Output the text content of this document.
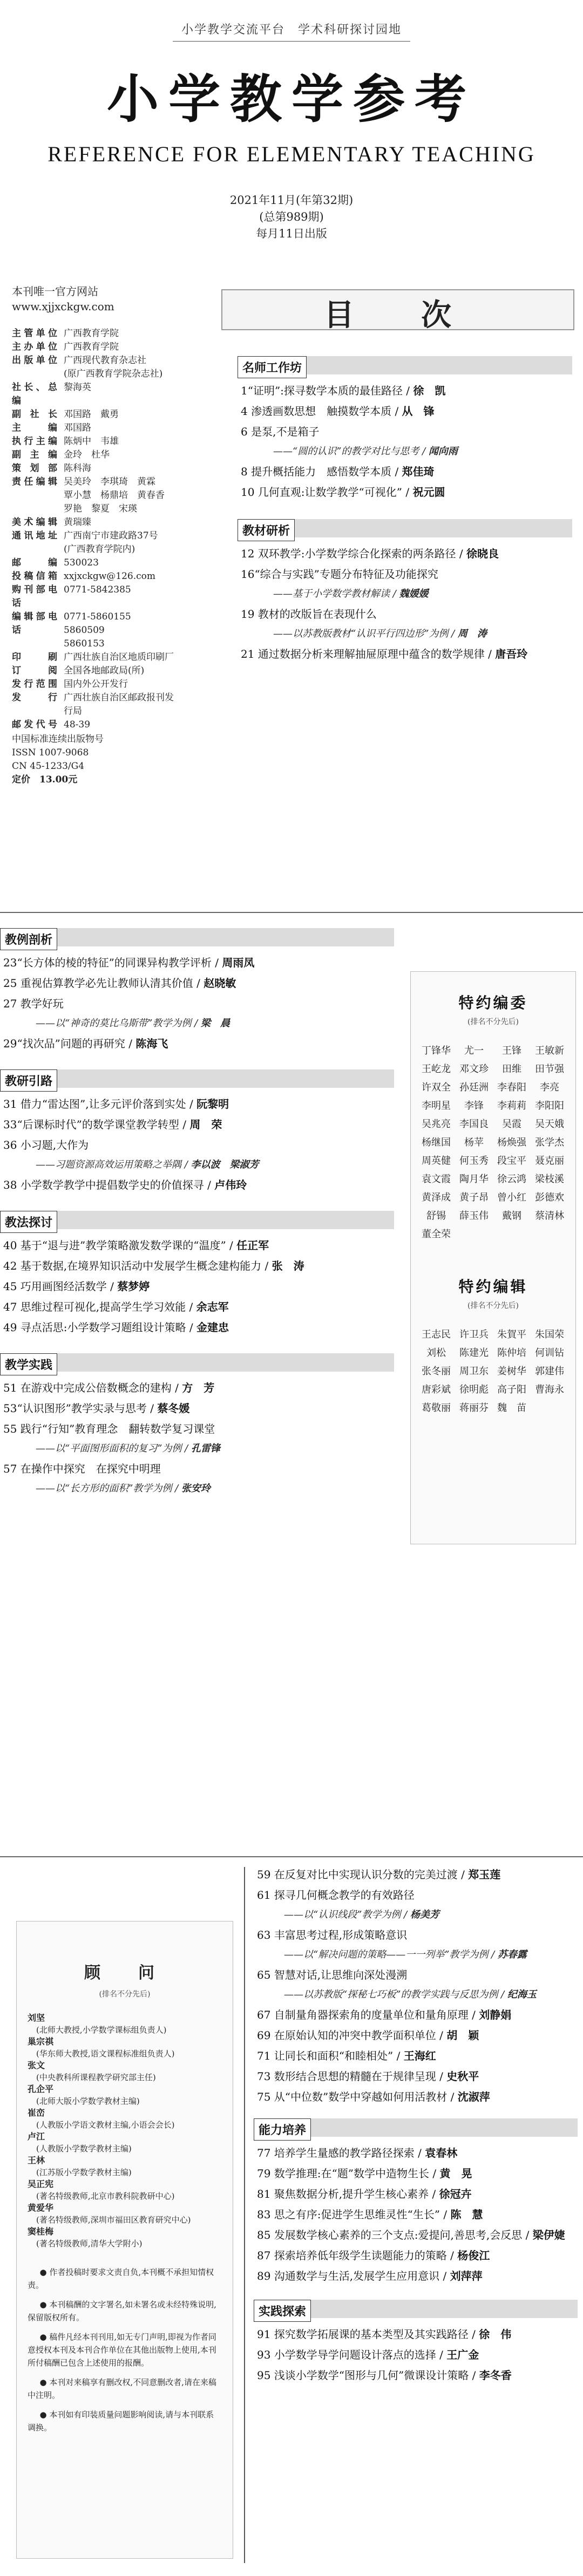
小学教学交流平台　学术科研探讨园地
小学教学参考
REFERENCE FOR ELEMENTARY TEACHING
2021年11月(年第32期)
(总第989期)
每月11日出版
本刊唯一官方网站
www.xjjxckgw.com
主管单位 广西教育学院
主办单位 广西教育学院
出版单位 广西现代教育杂志社
(原广西教育学院杂志社)
社长、总编
黎海英
副社长 邓国路　戴勇
主编 邓国路
执行主编 陈炳中　韦雄
副主编 金玲　杜华
策划部 陈科海
责任编辑 吴美玲　李琪琦　黄霖
覃小慧　杨鼎培　黄春香
罗艳　黎夏　宋瑛
美术编辑 黄瑞臻
通讯地址 广西南宁市建政路37号
(广西教育学院内)
邮编 530023
投稿信箱 xxjxckgw@126.com
购刊部电话
0771-5842385
编辑部电话
0771-5860155　5860509
5860153
印刷 广西壮族自治区地质印刷厂
订阅 全国各地邮政局(所)
发行范围 国内外公开发行
发行 广西壮族自治区邮政报刊发行局
邮发代号 48-39
中国标准连续出版物号
ISSN 1007-9068
CN 45-1233/G4
定价　13.00元
目　次
名师工作坊
1“证明”:探寻数学本质的最佳路径 / 徐　凯
4 渗透画数思想　触摸数学本质 / 从　锋
6 是泵,不是箱子
——“圆的认识”的教学对比与思考 / 闻向雨
8 提升概括能力　感悟数学本质 / 郑佳琦
10 几何直观:让数学教学“可视化” / 祝元圆
教材研析
12 双环教学:小学数学综合化探索的两条路径 / 徐晓良
16“综合与实践”专题分布特征及功能探究
——基于小学数学教材解读 / 魏媛媛
19 教材的改版旨在表现什么
——以苏教版教材“认识平行四边形”为例 / 周　涛
21 通过数据分析来理解抽屉原理中蕴含的数学规律 / 唐吾玲
教例剖析
23“长方体的棱的特征”的同课异构教学评析 / 周雨凤
25 重视估算教学必先让教师认清其价值 / 赵晓敏
27 教学好玩
——以“神奇的莫比乌斯带”教学为例 / 梁　晨
29“找次品”问题的再研究 / 陈海飞
教研引路
31 借力“雷达图”,让多元评价落到实处 / 阮黎明
33“后课标时代”的数学课堂教学转型 / 周　荣
36 小习题,大作为
——习题资源高效运用策略之举隅 / 李以波　梁淑芳
38 小学数学教学中提倡数学史的价值探寻 / 卢伟玲
教法探讨
40 基于“退与进”教学策略激发数学课的“温度” / 任正军
42 基于数据,在境界知识活动中发展学生概念建构能力 / 张　涛
45 巧用画图经活数学 / 蔡梦婷
47 思维过程可视化,提高学生学习效能 / 余志军
49 寻点活思:小学数学习题组设计策略 / 金建忠
教学实践
51 在游戏中完成公倍数概念的建构 / 方　芳
53“认识图形”教学实录与思考 / 蔡冬媛
55 践行“行知”教育理念　翻转数学复习课堂
——以“平面图形面积的复习”为例 / 孔雷锋
57 在操作中探究　在探究中明理
——以“长方形的面积”教学为例 / 张安玲
特约编委
(排名不分先后)
丁锋华 尤一 王锋 王敏新王屹龙 邓文珍 田维 田节强许双全 孙廷洲 李春阳 李亮李明星 李锋 李莉莉 李阳阳吴兆亮 李国良 吴霞 吴天娥杨继国 杨苹 杨焕强 张学杰周英健 何玉秀 段宝平 聂克丽袁文霞 陶月华 徐云鸿 梁枝溪黄泽成 黄子昂 曾小红 彭德欢舒锡 薛玉伟 戴钢 蔡清林董全荣
特约编辑
(排名不分先后)
王志民 许卫兵 朱賀平 朱国荣刘松 陈建光 陈仲培 何训钻张冬丽 周卫东 姜树华 郭建伟唐彩斌 徐明彪 高子阳 曹海永葛敬丽 蒋丽芬 魏　苗
顾　问
(排名不分先后)
刘坚
(北师大教授,小学数学课标组负责人)
巢宗祺
(华东师大教授,语文课程标准组负责人)
张文
(中央教科所课程教学研究部主任)
孔企平
(北师大版小学数学教材主编)
崔峦
(人教版小学语文教材主编,小语会会长)
卢江
(人教版小学数学教材主编)
王林
(江苏版小学数学教材主编)
吴正宪
(著名特级教师,北京市教科院教研中心)
黄爱华
(著名特级教师,深圳市福田区教育研究中心)
窦桂梅
(著名特级教师,清华大学附小)

● 作者投稿时要求文责自负,本刊概不承担知情权责。

● 本刊稿酬的文字署名,如未署名或未经特殊说明,保留版权所有。

● 稿件凡经本刊刊用,如无专门声明,即视为作者同意授权本刊及本刊合作单位在其他出版物上使用,本刊所付稿酬已包含上述使用的报酬。

● 本刊对来稿享有删改权,不同意删改者,请在来稿中注明。

● 本刊如有印装质量问题影响阅读,请与本刊联系调换。

59 在反复对比中实现认识分数的完美过渡 / 郑玉莲
61 探寻几何概念教学的有效路径
——以“认识线段”教学为例 / 杨美芳
63 丰富思考过程,形成策略意识
——以“解决问题的策略——一一列举”教学为例 / 苏春露
65 智慧对话,让思维向深处漫溯
——以苏教版“探秘七巧板”的教学实践与反思为例 / 纪海玉
67 自制量角器探索角的度量单位和量角原理 / 刘静娟
69 在原始认知的冲突中教学面积单位 / 胡　颖
71 让同长和面积“和睦相处” / 王海红
73 数形结合思想的精髓在于规律呈现 / 史秋平
75 从“中位数”数学中穿越如何用活教材 / 沈淑萍
能力培养
77 培养学生量感的教学路径探索 / 袁春林
79 数学推理:在“题”数学中造物生长 / 黄　晃
81 聚焦数据分析,提升学生核心素养 / 徐冠卉
83 思之有序:促进学生思维灵性“生长” / 陈　慧
85 发展数学核心素养的三个支点:爱提问,善思考,会反思 / 梁伊婕
87 探索培养低年级学生读题能力的策略 / 杨俊江
89 沟通数学与生活,发展学生应用意识 / 刘萍萍
实践探索
91 探究数学拓展课的基本类型及其实践路径 / 徐　伟
93 小学数学导学问题设计落点的选择 / 王广金
95 浅谈小学数学“图形与几何”微课设计策略 / 李冬香
